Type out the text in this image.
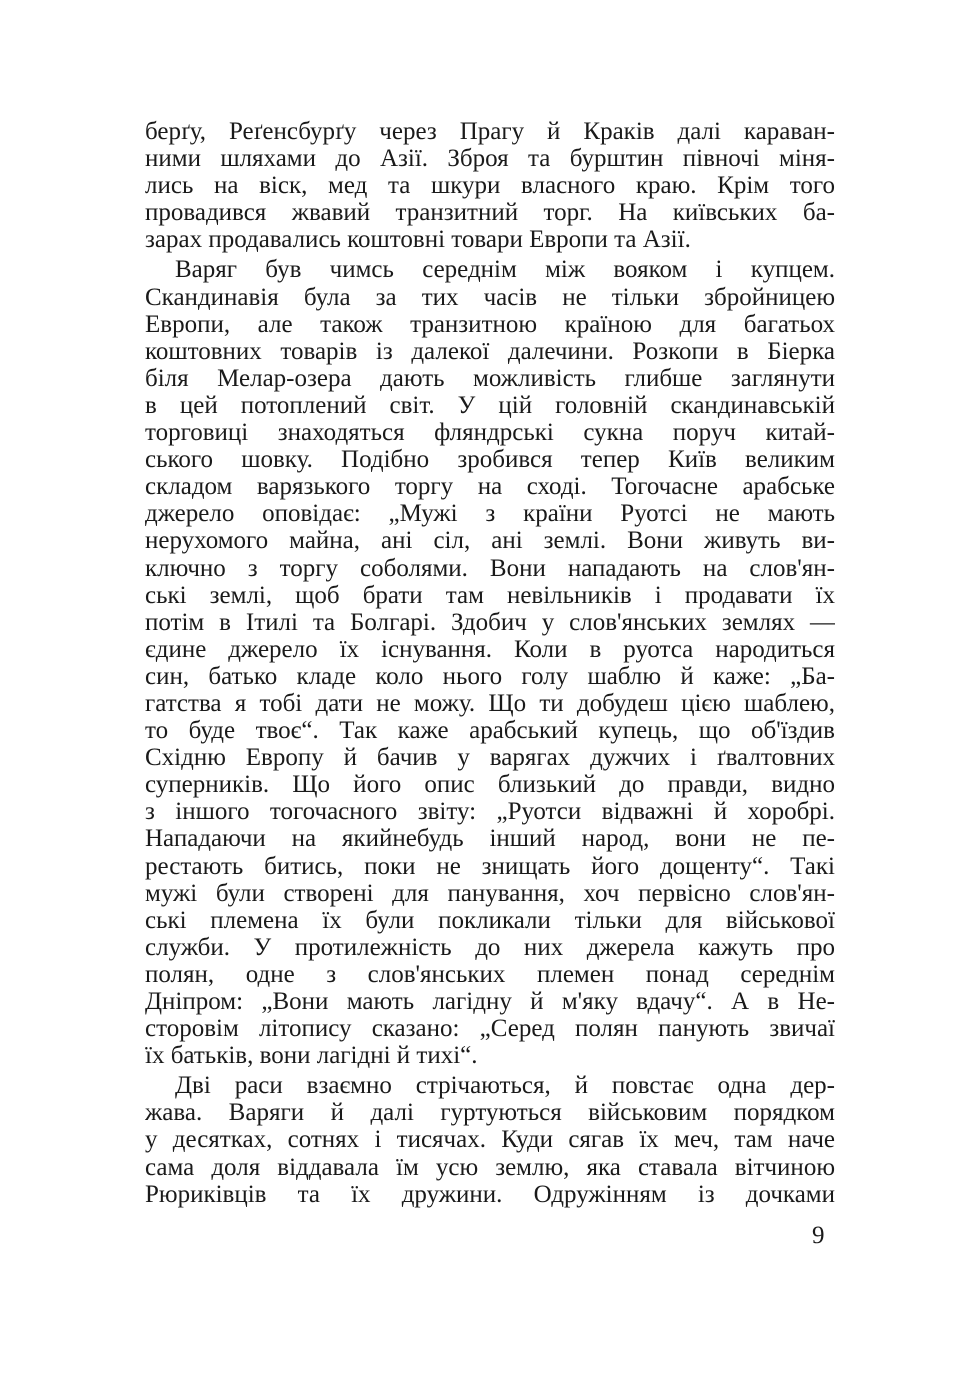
берґу, Реґенсбурґу через Прагу й Краків далі каравaн-
ними шляхами до Азії. Зброя та бурштин півночі міня-
лись на віск, мед та шкури власного краю. Крім того
провадився жвавий транзитний торг. На київських ба-
зарах продавались коштовні товари Европи та Азії.
Варяг був чимсь середнім між вояком і купцем.
Скандинавія була за тих часів не тільки збройницею
Европи, але також транзитною країною для багатьох
коштовних товарів із далекої далечини. Розкопи в Біерка
біля Мелар-озера дають можливість глибше заглянути
в цей потоплений світ. У цій головній скандинавській
торговиці знаходяться фляндрські сукна поруч китай-
ського шовку. Подібно зробився тепер Київ великим
складом варязького торгу на сході. Тогочасне арабське
джерело оповідає: „Мужі з країни Руотсі не мають
нерухомого майна, ані сіл, ані землі. Вони живуть ви-
ключно з торгу соболями. Вони нападають на слов'ян-
ські землі, щоб брати там невільників і продавати їх
потім в Ітилі та Болгарі. Здобич у слов'янських землях —
єдине джерело їх існування. Коли в руотса народиться
син, батько кладе коло нього голу шаблю й каже: „Ба-
гатства я тобі дати не можу. Що ти добудеш цією шаблею,
то буде твоє“. Так каже арабський купець, що об'їздив
Східню Европу й бачив у варягах дужчих і ґвалтовних
суперників. Що його опис близький до правди, видно
з іншого тогочасного звіту: „Руотси відважні й хоробрі.
Нападаючи на якийнебудь інший народ, вони не пе-
рестають битись, поки не знищать його дощенту“. Такі
мужі були створені для панування, хоч первісно слов'ян-
ські племена їх були покликали тільки для військової
служби. У протилежність до них джерела кажуть про
полян, одне з слов'янських племен понад середнім
Дніпром: „Вони мають лагідну й м'яку вдачу“. А в Не-
сторовім літопису сказано: „Серед полян панують звичаї
їх батьків, вони лагідні й тихі“.
Дві раси взаємно стрічаються, й повстає одна дер-
жава. Варяги й далі гуртуються військовим порядком
у десятках, сотнях і тисячах. Куди сягав їх меч, там наче
сама доля віддавала їм усю землю, яка ставала вітчиною
Рюриківців та їх дружини. Одружінням із дочками
9
